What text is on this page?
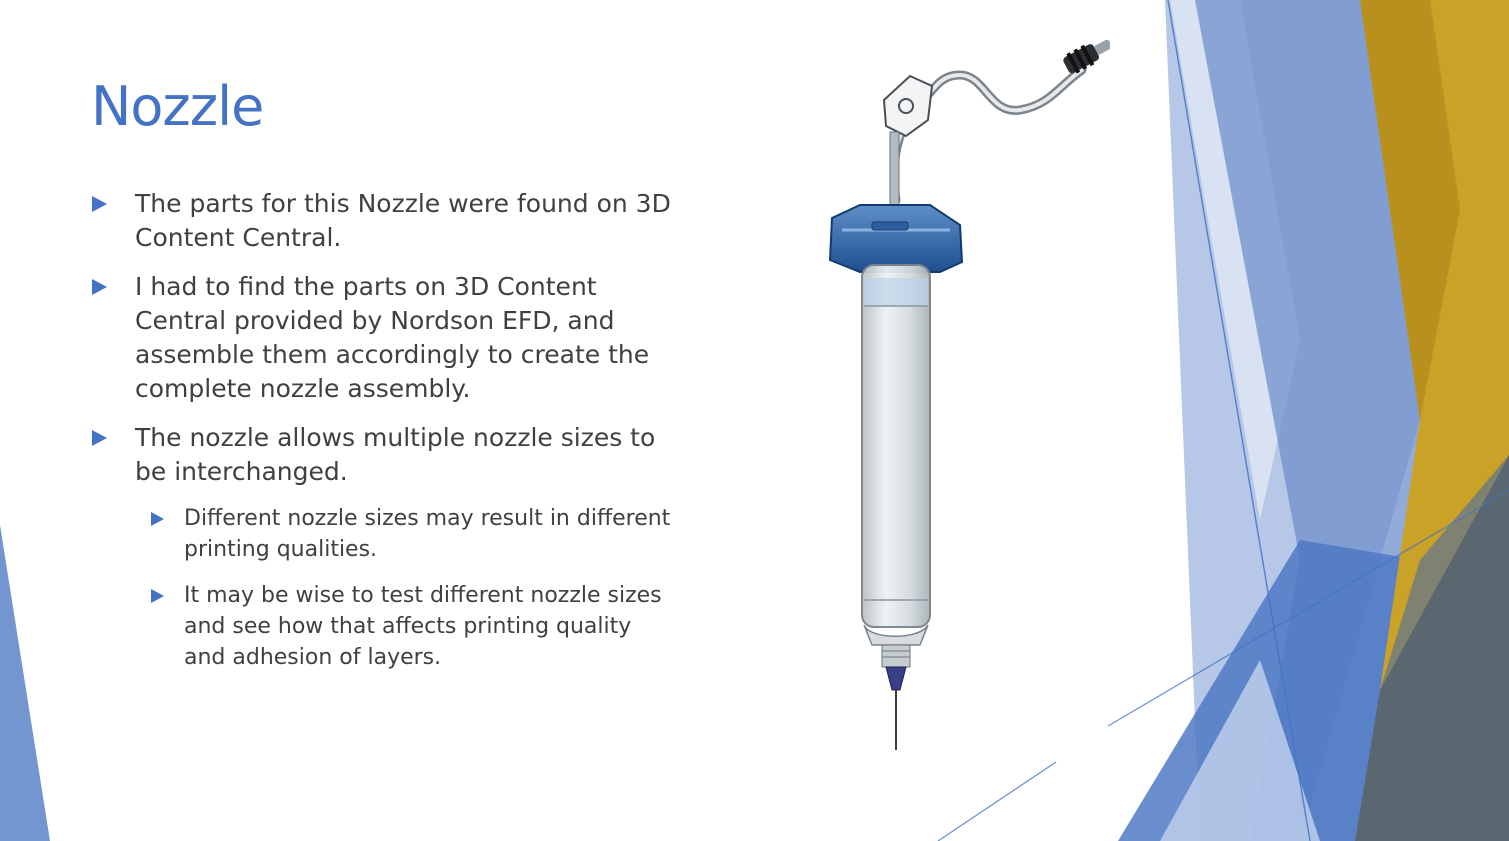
Nozzle
The parts for this Nozzle were found on 3D Content Central.
I had to find the parts on 3D Content Central provided by Nordson EFD, and assemble them accordingly to create the complete nozzle assembly.
The nozzle allows multiple nozzle sizes to be interchanged.
Different nozzle sizes may result in different printing qualities.
It may be wise to test different nozzle sizes and see how that affects printing quality and adhesion of layers.
